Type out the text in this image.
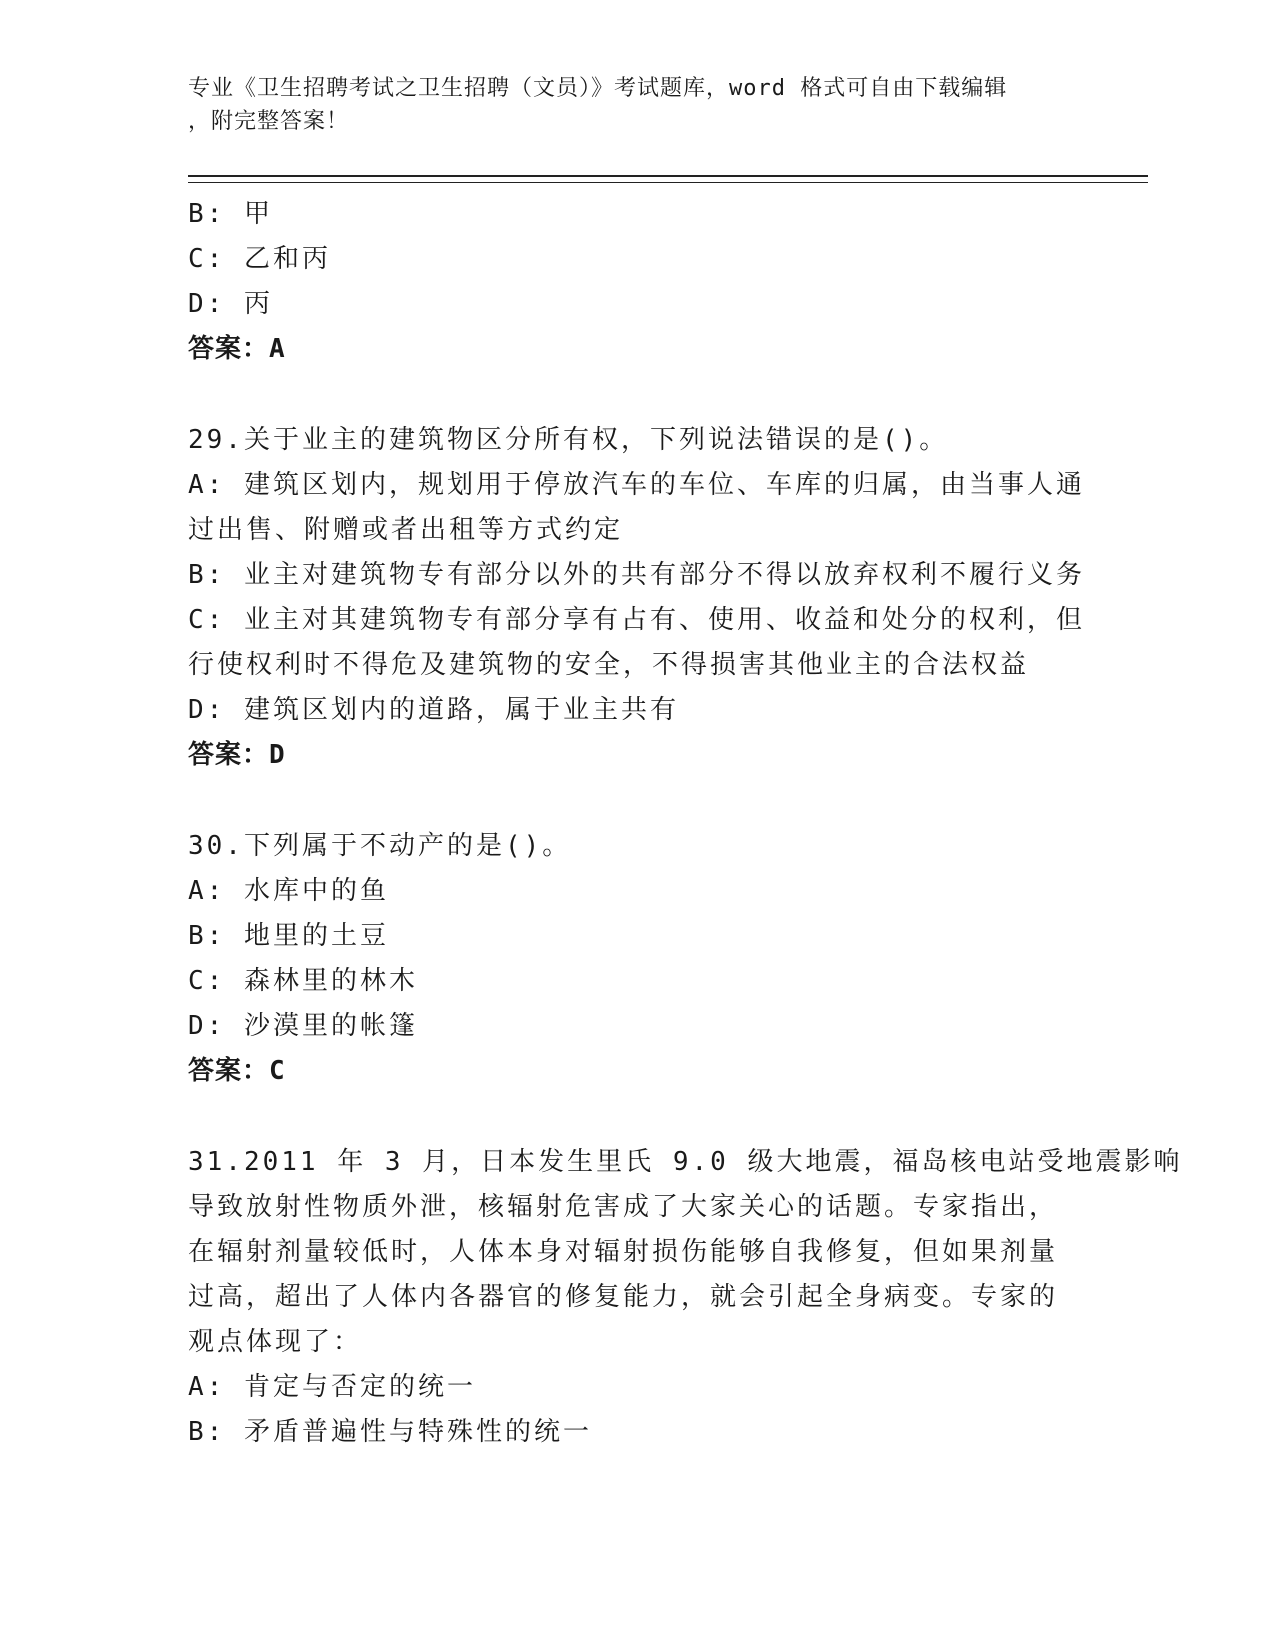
专业《卫生招聘考试之卫生招聘（文员）》考试题库，word 格式可自由下载编辑
，附完整答案！
B: 甲
C: 乙和丙
D: 丙
答案：A
29.关于业主的建筑物区分所有权，下列说法错误的是()。
A: 建筑区划内，规划用于停放汽车的车位、车库的归属，由当事人通
过出售、附赠或者出租等方式约定
B: 业主对建筑物专有部分以外的共有部分不得以放弃权利不履行义务
C: 业主对其建筑物专有部分享有占有、使用、收益和处分的权利，但
行使权利时不得危及建筑物的安全，不得损害其他业主的合法权益
D: 建筑区划内的道路，属于业主共有
答案：D
30.下列属于不动产的是()。
A: 水库中的鱼
B: 地里的土豆
C: 森林里的林木
D: 沙漠里的帐篷
答案：C
31.2011 年 3 月，日本发生里氏 9.0 级大地震，福岛核电站受地震影响
导致放射性物质外泄，核辐射危害成了大家关心的话题。专家指出，
在辐射剂量较低时，人体本身对辐射损伤能够自我修复，但如果剂量
过高，超出了人体内各器官的修复能力，就会引起全身病变。专家的
观点体现了：
A: 肯定与否定的统一
B: 矛盾普遍性与特殊性的统一
